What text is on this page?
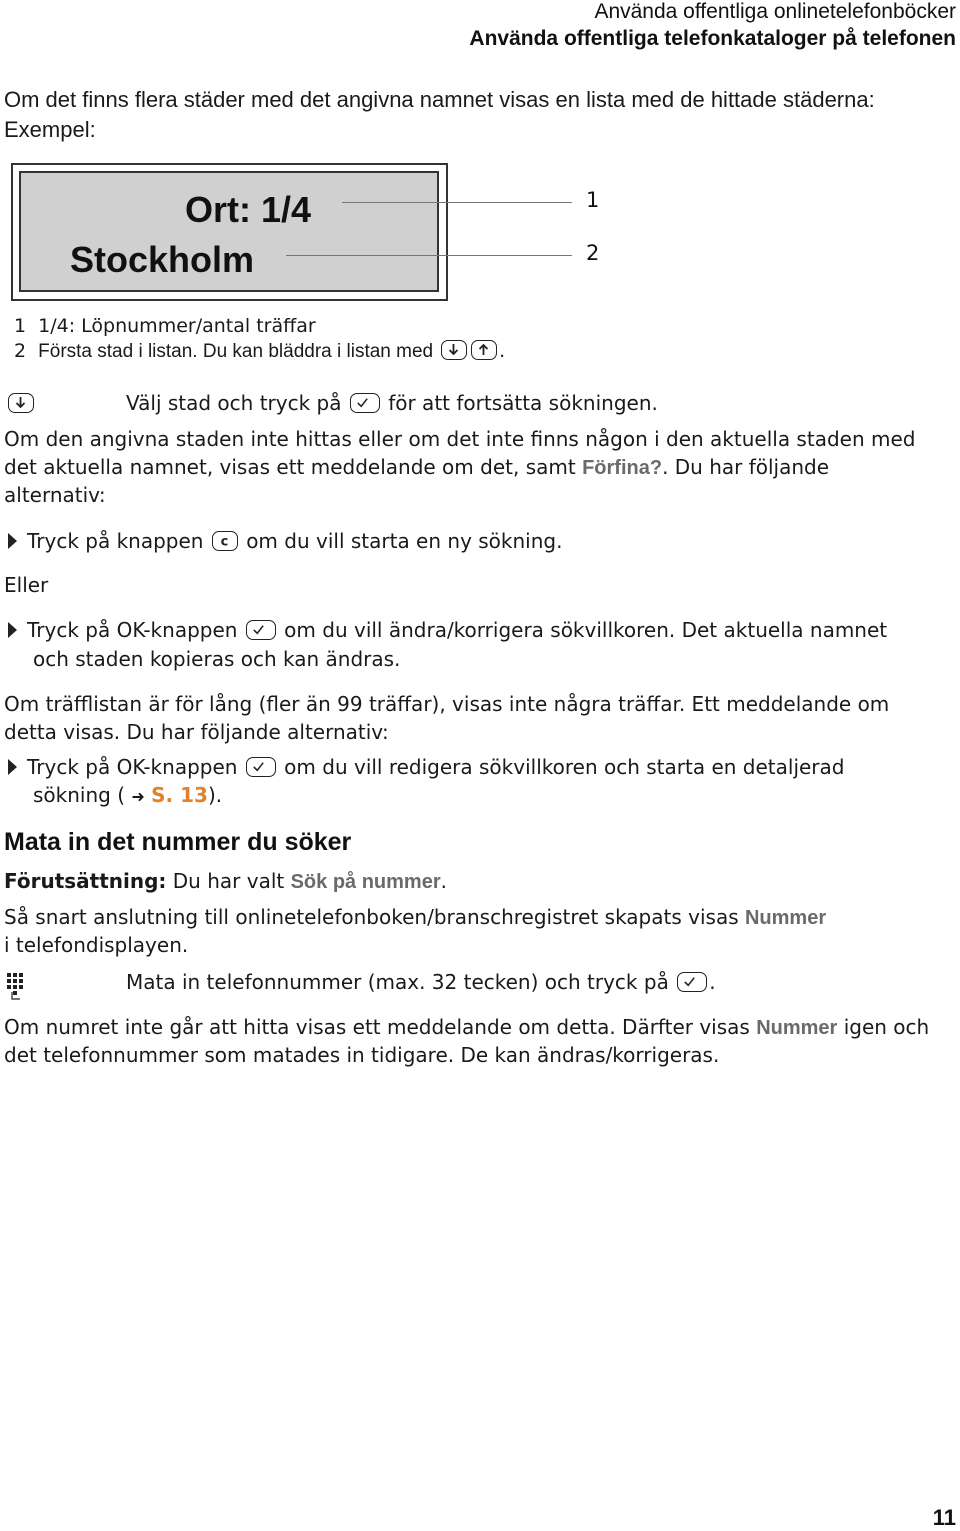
Använda offentliga onlinetelefonböcker
Använda offentliga telefonkataloger på telefonen
Om det finns flera städer med det angivna namnet visas en lista med de hittade städerna:
Exempel:
Ort: 1/4
Stockholm
1
2
1 1/4: Löpnummer/antal träffar
2 Första stad i listan. Du kan bläddra i listan med	.
Välj stad och tryck på för att fortsätta sökningen.
Om den angivna staden inte hittas eller om det inte finns någon i den aktuella staden med
det aktuella namnet, visas ett meddelande om det, samt Förfina?. Du har följande
alternativ:
Tryck på knappen c om du vill starta en ny sökning.
Eller
Tryck på OK-knappen om du vill ändra/korrigera sökvillkoren. Det aktuella namnet
och staden kopieras och kan ändras.
Om träfflistan är för lång (fler än 99 träffar), visas inte några träffar. Ett meddelande om
detta visas. Du har följande alternativ:
Tryck på OK-knappen om du vill redigera sökvillkoren och starta en detaljerad
sökning ( ➜ S. 13).
Mata in det nummer du söker
Förutsättning: Du har valt Sök på nummer.
Så snart anslutning till onlinetelefonboken/branschregistret skapats visas Nummer
i telefondisplayen.
Mata in telefonnummer (max. 32 tecken) och tryck på .
Om numret inte går att hitta visas ett meddelande om detta. Därfter visas Nummer igen och
det telefonnummer som matades in tidigare. De kan ändras/korrigeras.
11
